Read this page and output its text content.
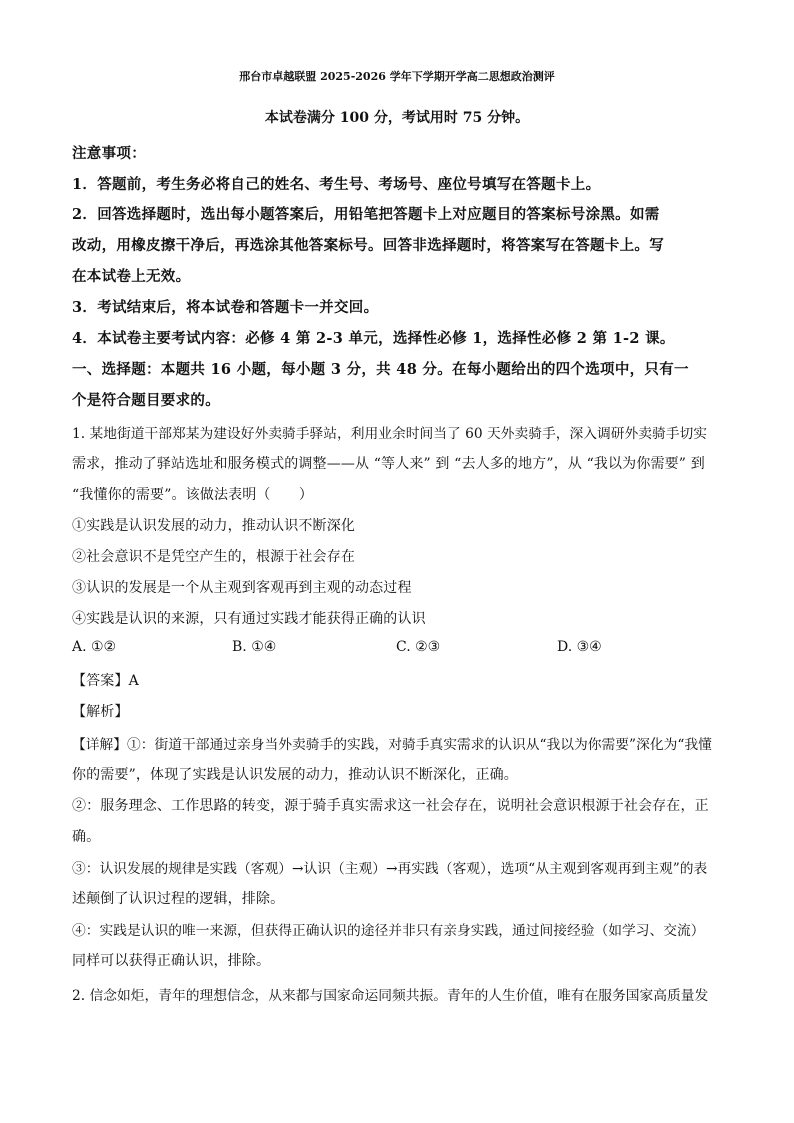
邢台市卓越联盟 2025-2026 学年下学期开学高二思想政治测评
本试卷满分 100 分，考试用时 75 分钟。
注意事项：
1．答题前，考生务必将自己的姓名、考生号、考场号、座位号填写在答题卡上。
2．回答选择题时，选出每小题答案后，用铅笔把答题卡上对应题目的答案标号涂黑。如需
改动，用橡皮擦干净后，再选涂其他答案标号。回答非选择题时，将答案写在答题卡上。写
在本试卷上无效。
3．考试结束后，将本试卷和答题卡一并交回。
4．本试卷主要考试内容：必修 4 第 2-3 单元，选择性必修 1，选择性必修 2 第 1-2 课。
一、选择题：本题共 16 小题，每小题 3 分，共 48 分。在每小题给出的四个选项中，只有一
个是符合题目要求的。
1. 某地街道干部郑某为建设好外卖骑手驿站，利用业余时间当了 60 天外卖骑手，深入调研外卖骑手切实
需求，推动了驿站选址和服务模式的调整——从 “等人来” 到 “去人多的地方”，从 “我以为你需要” 到
“我懂你的需要”。该做法表明（　　）
①实践是认识发展的动力，推动认识不断深化
②社会意识不是凭空产生的，根源于社会存在
③认识的发展是一个从主观到客观再到主观的动态过程
④实践是认识的来源，只有通过实践才能获得正确的认识
A. ①②	B. ①④	C. ②③	D. ③④
【答案】A
【解析】
【详解】①：街道干部通过亲身当外卖骑手的实践，对骑手真实需求的认识从“我以为你需要”深化为“我懂
你的需要”，体现了实践是认识发展的动力，推动认识不断深化，正确。
②：服务理念、工作思路的转变，源于骑手真实需求这一社会存在，说明社会意识根源于社会存在，正
确。
③：认识发展的规律是实践（客观）→认识（主观）→再实践（客观），选项“从主观到客观再到主观”的表
述颠倒了认识过程的逻辑，排除。
④：实践是认识的唯一来源，但获得正确认识的途径并非只有亲身实践，通过间接经验（如学习、交流）
同样可以获得正确认识，排除。
2. 信念如炬，青年的理想信念，从来都与国家命运同频共振。青年的人生价值，唯有在服务国家高质量发
